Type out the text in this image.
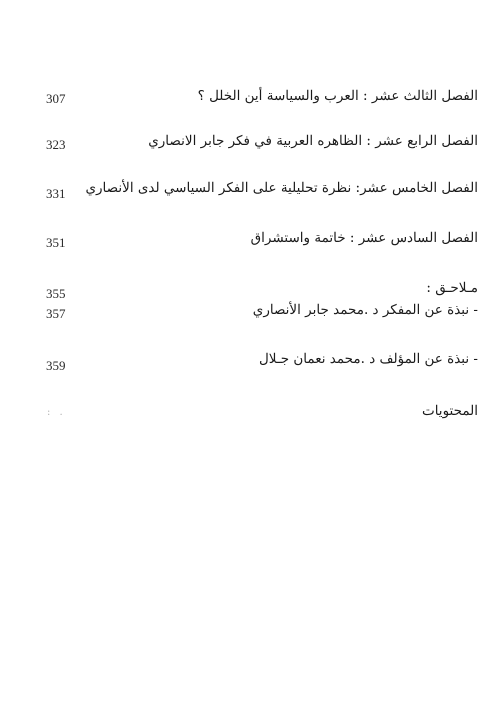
الفصل الثالث عشر : العرب والسياسة أين الخلل ؟
307
الفصل الرابع عشر : الظاهره العربية في فكر جابر الانصاري
323
الفصل الخامس عشر: نظرة تحليلية على الفكر السياسي لدى الأنصاري
331
الفصل السادس عشر : خاتمة واستشراق
351
مـلاحـق :
355
- نبذة عن المفكر د .محمد جابر الأنصاري
357
- نبذة عن المؤلف د .محمد نعمان جـلال
359
المحتويات
: .
